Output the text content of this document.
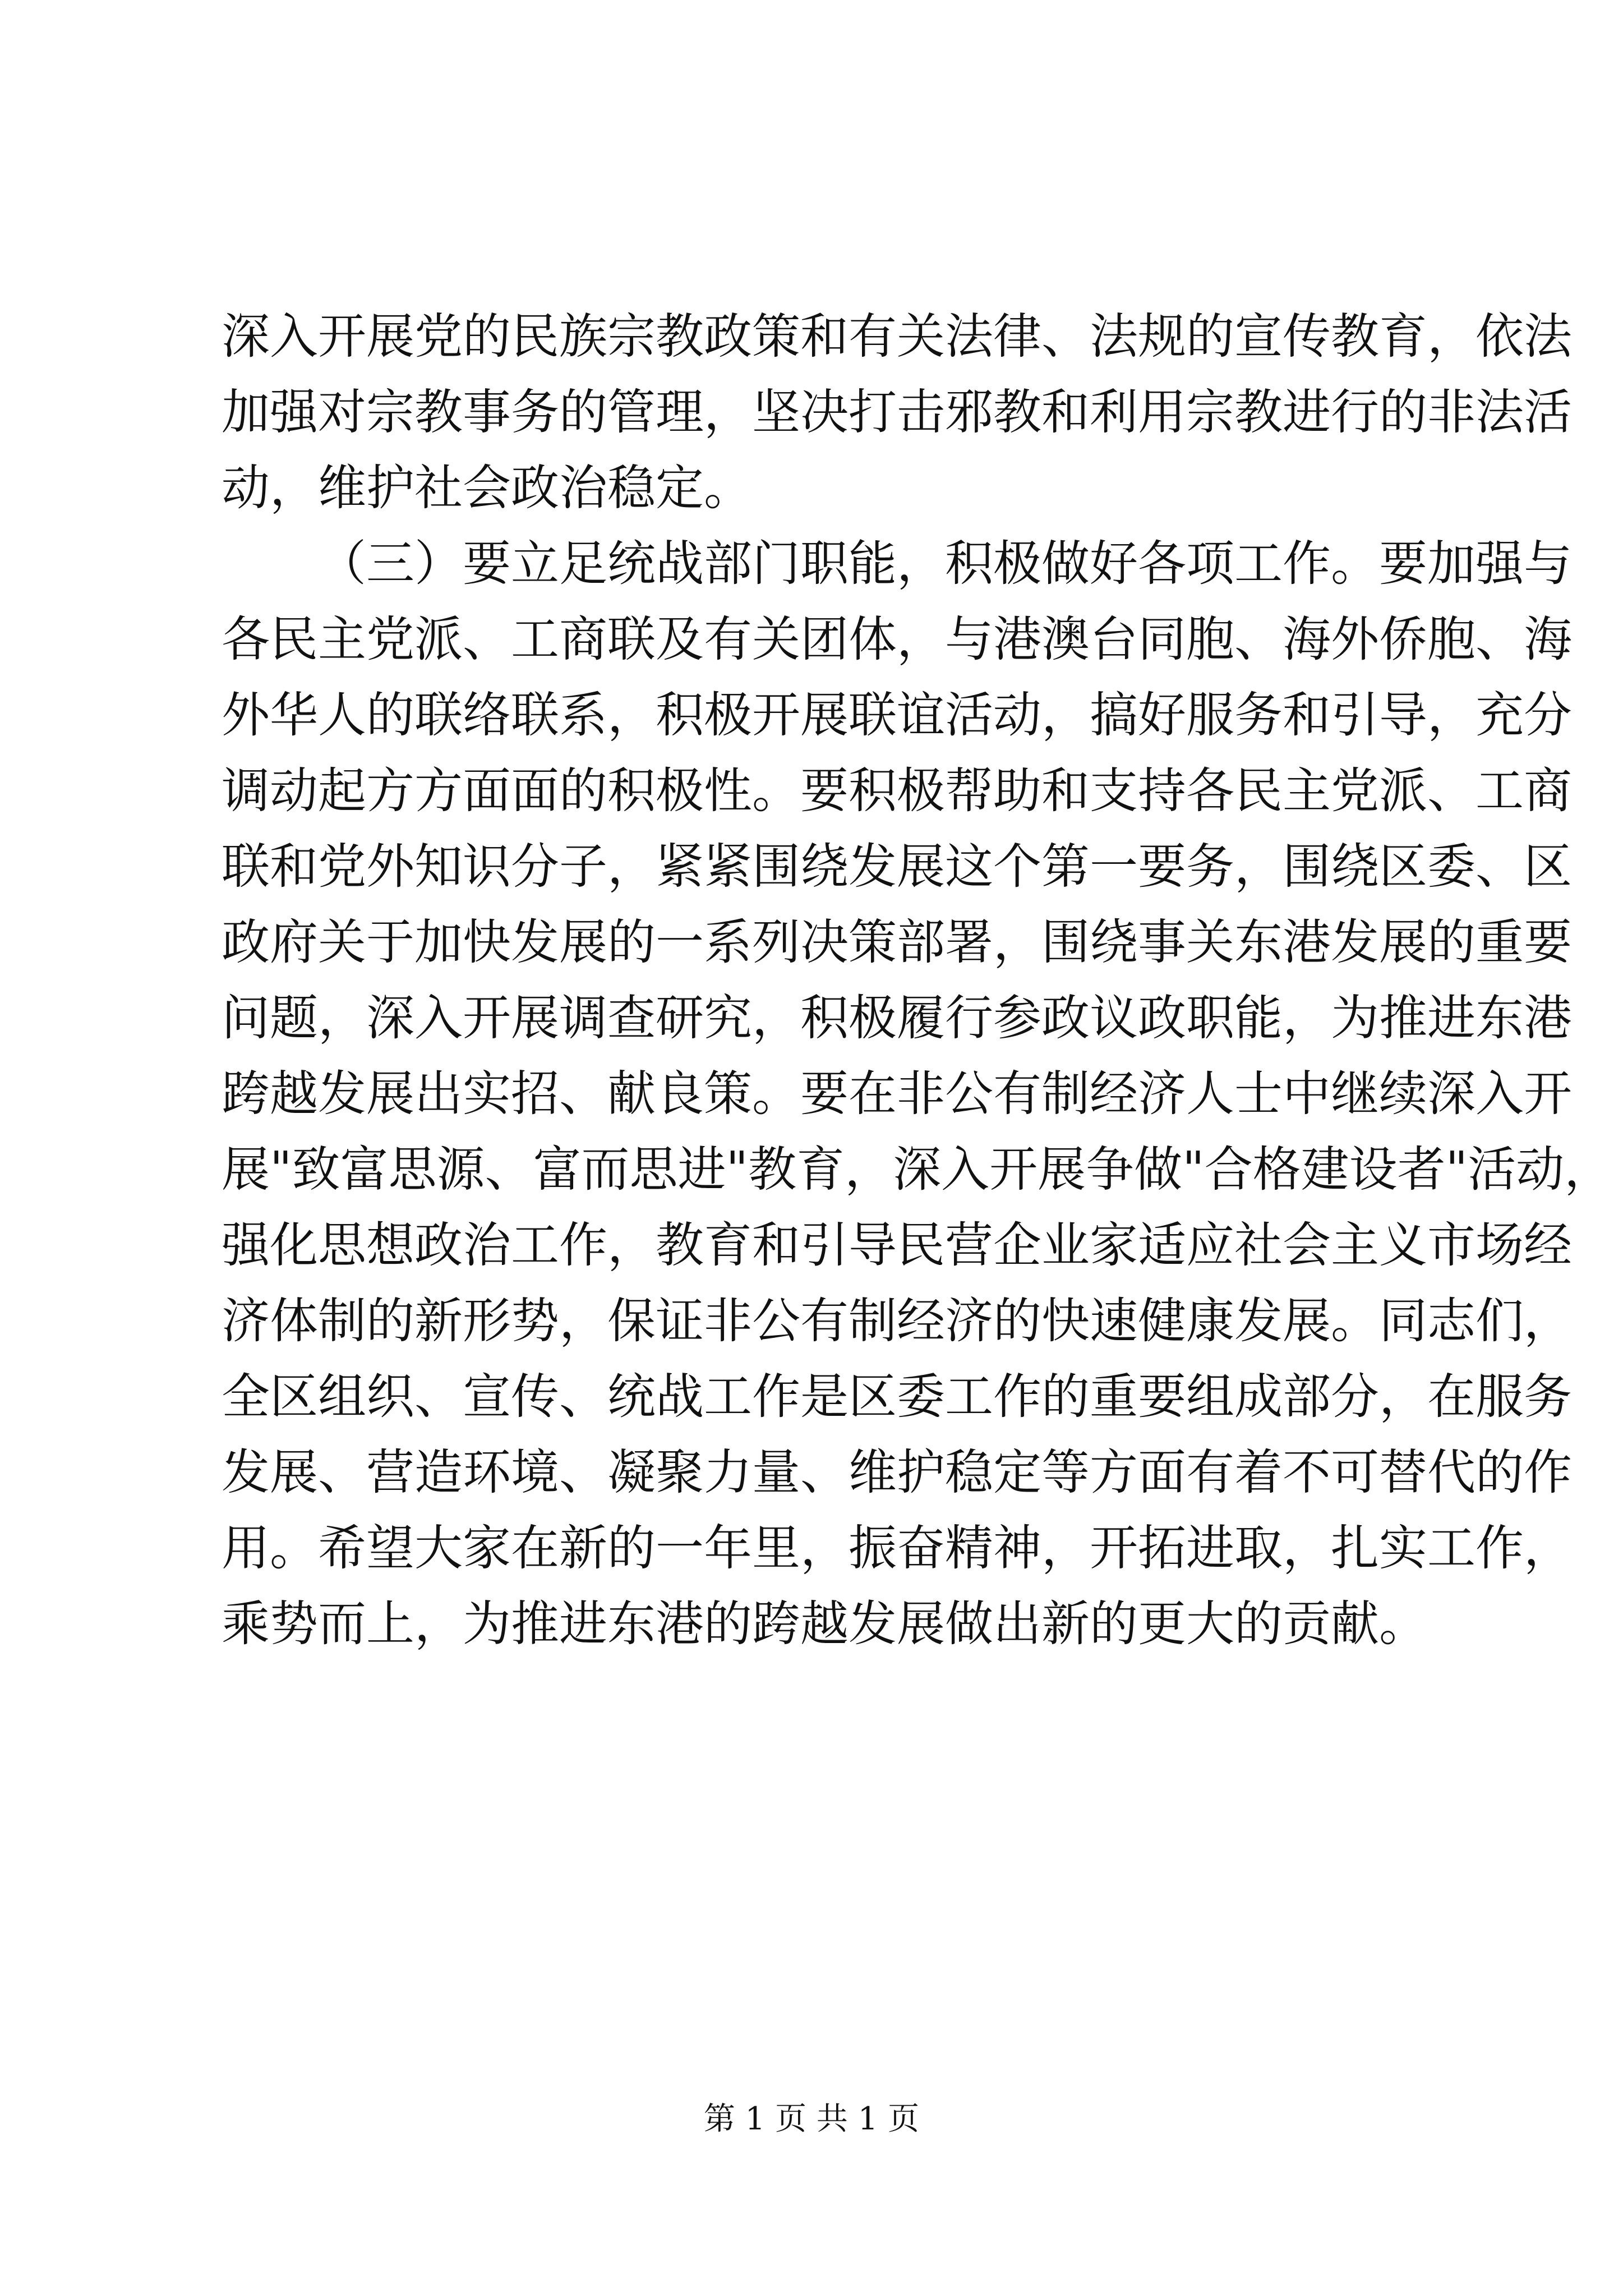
深入开展党的民族宗教政策和有关法律、法规的宣传教育，依法
加强对宗教事务的管理，坚决打击邪教和利用宗教进行的非法活
动，维护社会政治稳定。
（三）要立足统战部门职能，积极做好各项工作。要加强与
各民主党派、工商联及有关团体，与港澳台同胞、海外侨胞、海
外华人的联络联系，积极开展联谊活动，搞好服务和引导，充分
调动起方方面面的积极性。要积极帮助和支持各民主党派、工商
联和党外知识分子，紧紧围绕发展这个第一要务，围绕区委、区
政府关于加快发展的一系列决策部署，围绕事关东港发展的重要
问题，深入开展调查研究，积极履行参政议政职能，为推进东港
跨越发展出实招、献良策。要在非公有制经济人士中继续深入开
展"致富思源、富而思进"教育，深入开展争做"合格建设者"活动，
强化思想政治工作，教育和引导民营企业家适应社会主义市场经
济体制的新形势，保证非公有制经济的快速健康发展。同志们，
全区组织、宣传、统战工作是区委工作的重要组成部分，在服务
发展、营造环境、凝聚力量、维护稳定等方面有着不可替代的作
用。希望大家在新的一年里，振奋精神，开拓进取，扎实工作，
乘势而上，为推进东港的跨越发展做出新的更大的贡献。
第 1 页 共 1 页
